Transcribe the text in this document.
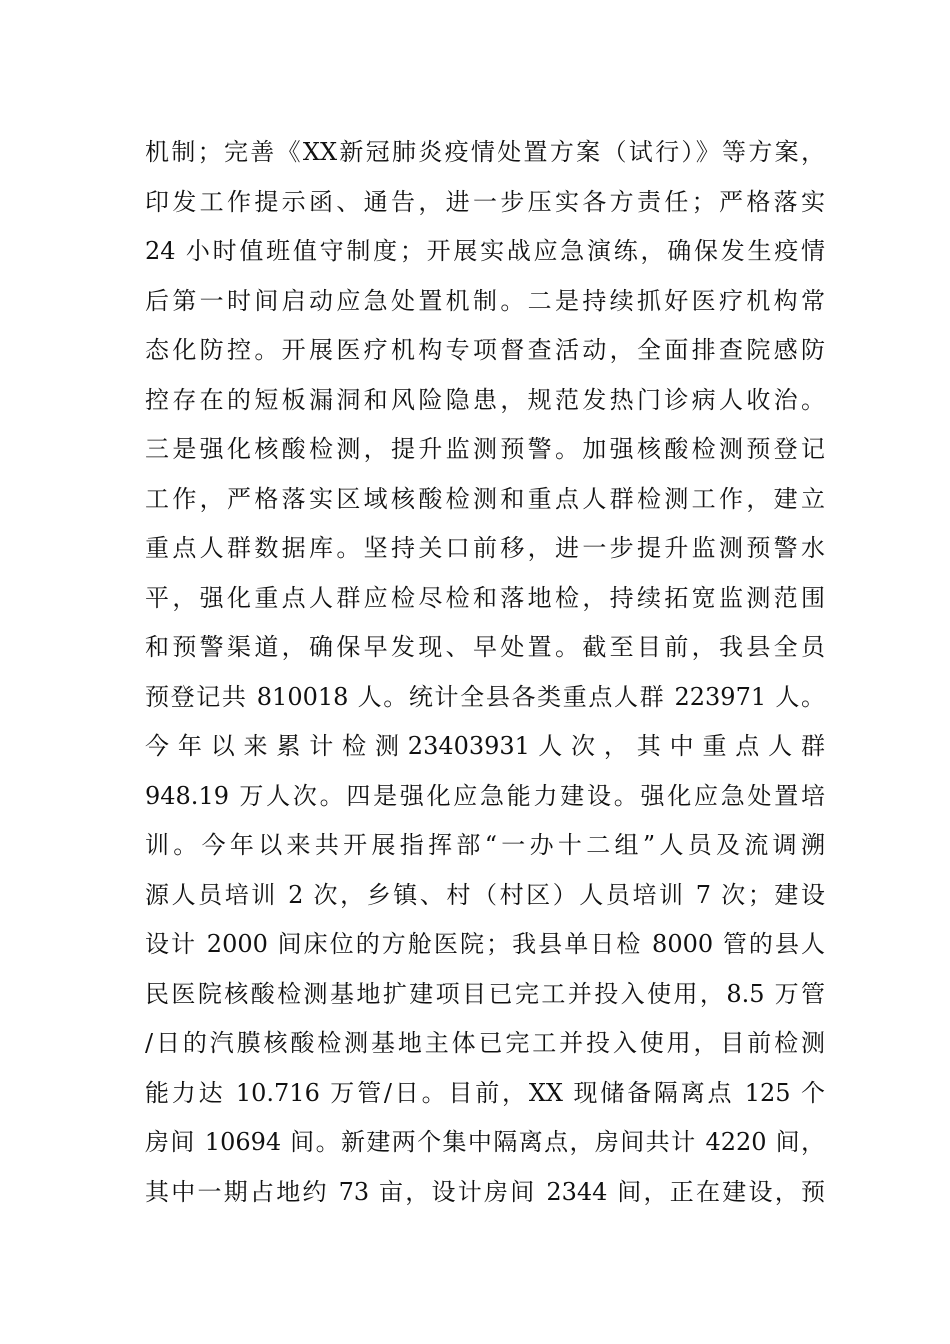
机制；完善《XX新冠肺炎疫情处置方案（试行）》等方案，
印发工作提示函、通告，进一步压实各方责任；严格落实
24 小时值班值守制度；开展实战应急演练，确保发生疫情
后第一时间启动应急处置机制。二是持续抓好医疗机构常
态化防控。开展医疗机构专项督查活动，全面排查院感防
控存在的短板漏洞和风险隐患，规范发热门诊病人收治。
三是强化核酸检测，提升监测预警。加强核酸检测预登记
工作，严格落实区域核酸检测和重点人群检测工作，建立
重点人群数据库。坚持关口前移，进一步提升监测预警水
平，强化重点人群应检尽检和落地检，持续拓宽监测范围
和预警渠道，确保早发现、早处置。截至目前，我县全员
预登记共 810018 人。统计全县各类重点人群 223971 人。
今 年 以 来 累 计 检 测 23403931 人 次 ， 其 中 重 点 人 群
948.19 万人次。四是强化应急能力建设。强化应急处置培
训。今年以来共开展指挥部“一办十二组”人员及流调溯
源人员培训 2 次，乡镇、村（村区）人员培训 7 次；建设
设计 2000 间床位的方舱医院；我县单日检 8000 管的县人
民医院核酸检测基地扩建项目已完工并投入使用，8.5 万管
/日的汽膜核酸检测基地主体已完工并投入使用，目前检测
能力达 10.716 万管/日。目前，XX 现储备隔离点 125 个
房间 10694 间。新建两个集中隔离点，房间共计 4220 间，
其中一期占地约 73 亩，设计房间 2344 间，正在建设，预
